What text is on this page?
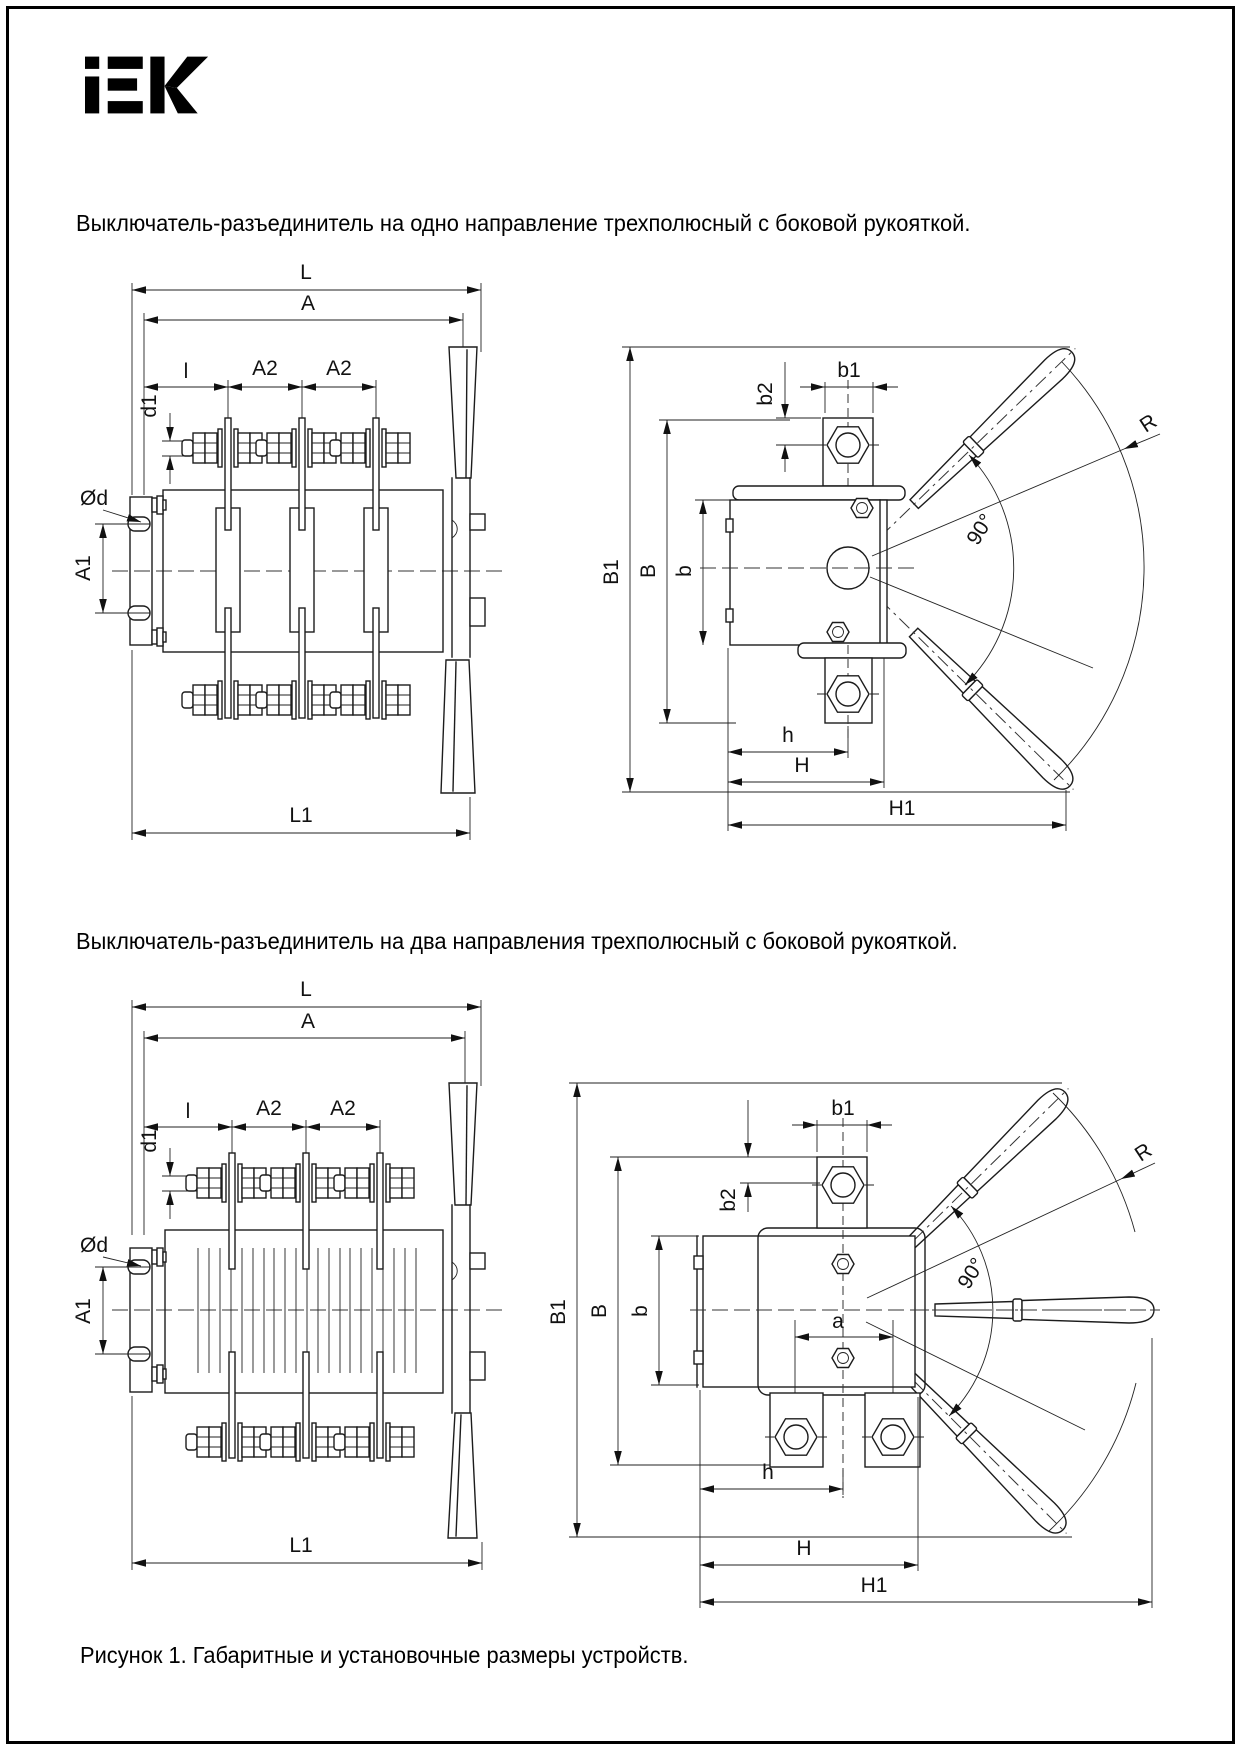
Выключатель-разъединитель на одно направление трехполюсный с боковой рукояткой.
Выключатель-разъединитель на два направления трехполюсный с боковой рукояткой.
Рисунок 1. Габаритные и установочные размеры устройств.
L
A
l	A2 A2
d1
Ød
A1
L1
B1 B b
b1
b2
90°
R
h
H
H1
L
A
l	A2 A2
d1
Ød
A1
L1
B1 B b
b1
b2
a
90°
R
h
H
H1
